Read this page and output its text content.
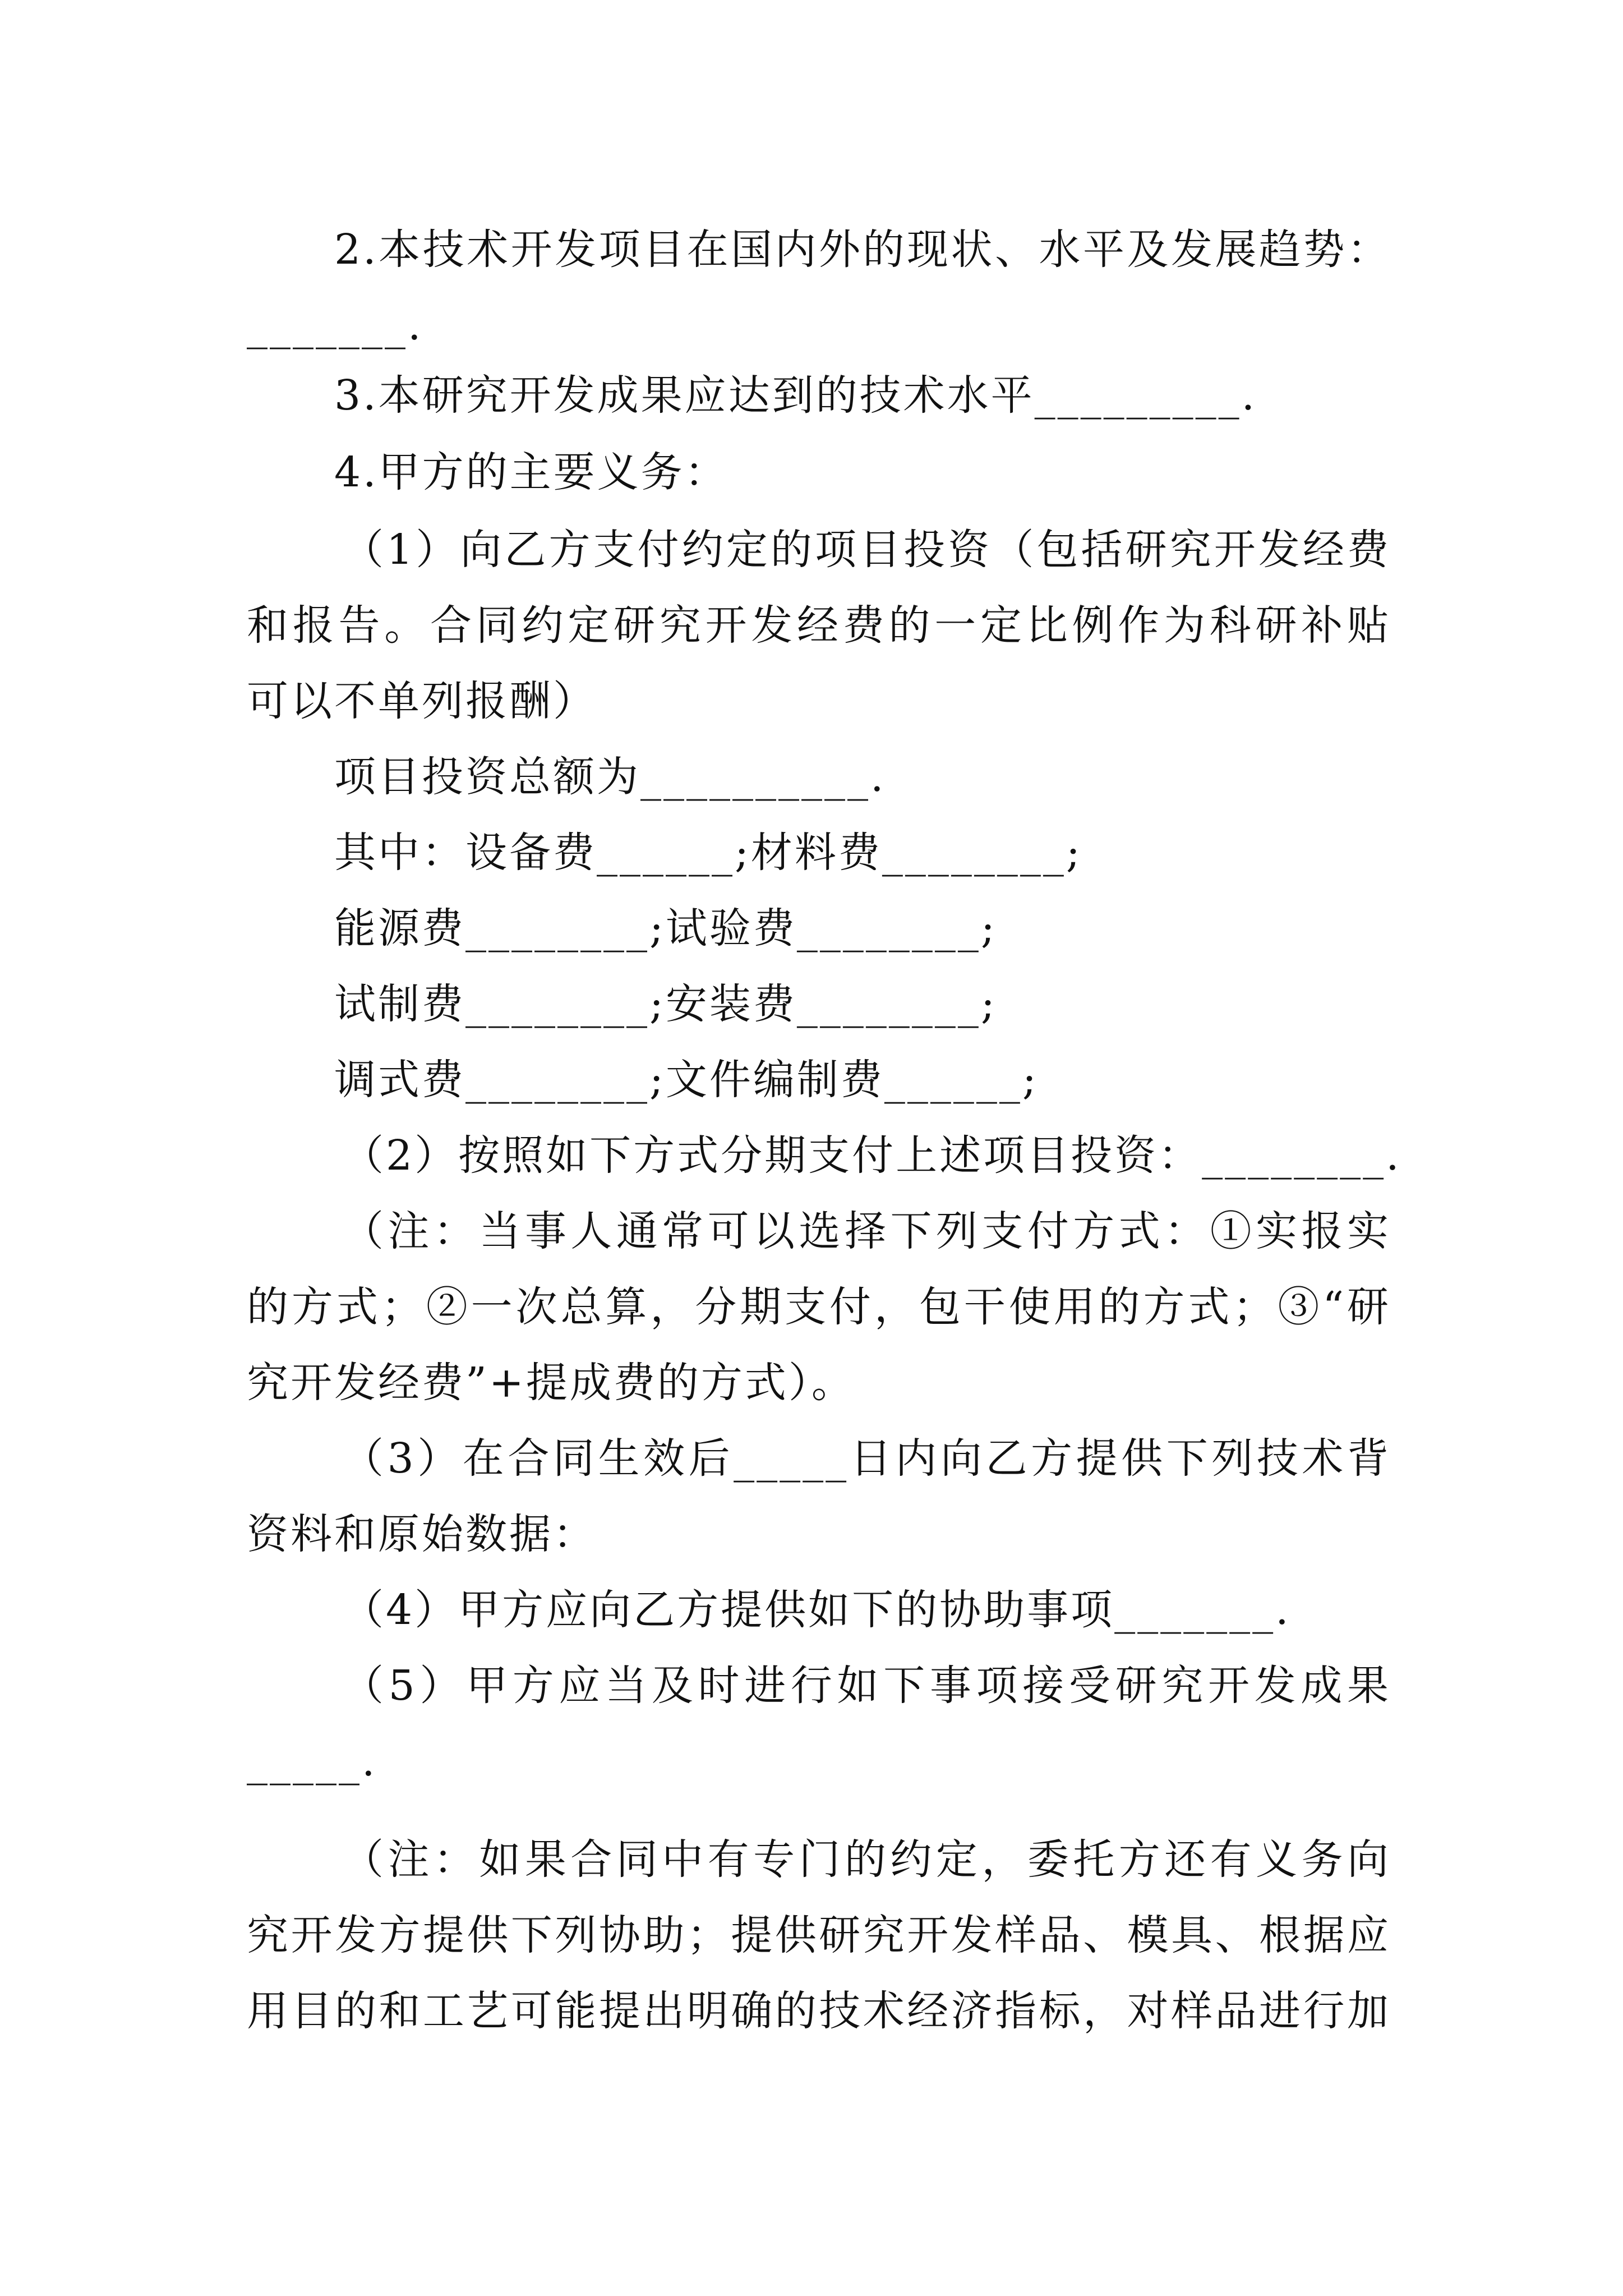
2.本技术开发项目在国内外的现状、水平及发展趋势：
_______.
3.本研究开发成果应达到的技术水平_________.
4.甲方的主要义务：
（1）向乙方支付约定的项目投资（包括研究开发经费
和报告。合同约定研究开发经费的一定比例作为科研补贴
可以不单列报酬）
项目投资总额为__________.
其中：设备费______;材料费________;
能源费________;试验费________;
试制费________;安装费________;
调式费________;文件编制费______;
（2）按照如下方式分期支付上述项目投资：________.
（注：当事人通常可以选择下列支付方式：①实报实
的方式；②一次总算，分期支付，包干使用的方式；③“研
究开发经费”+提成费的方式）。
（3）在合同生效后_____日内向乙方提供下列技术背
资料和原始数据：
（4）甲方应向乙方提供如下的协助事项_______.
（5）甲方应当及时进行如下事项接受研究开发成果
_____.
（注：如果合同中有专门的约定，委托方还有义务向
究开发方提供下列协助；提供研究开发样品、模具、根据应
用目的和工艺可能提出明确的技术经济指标，对样品进行加
